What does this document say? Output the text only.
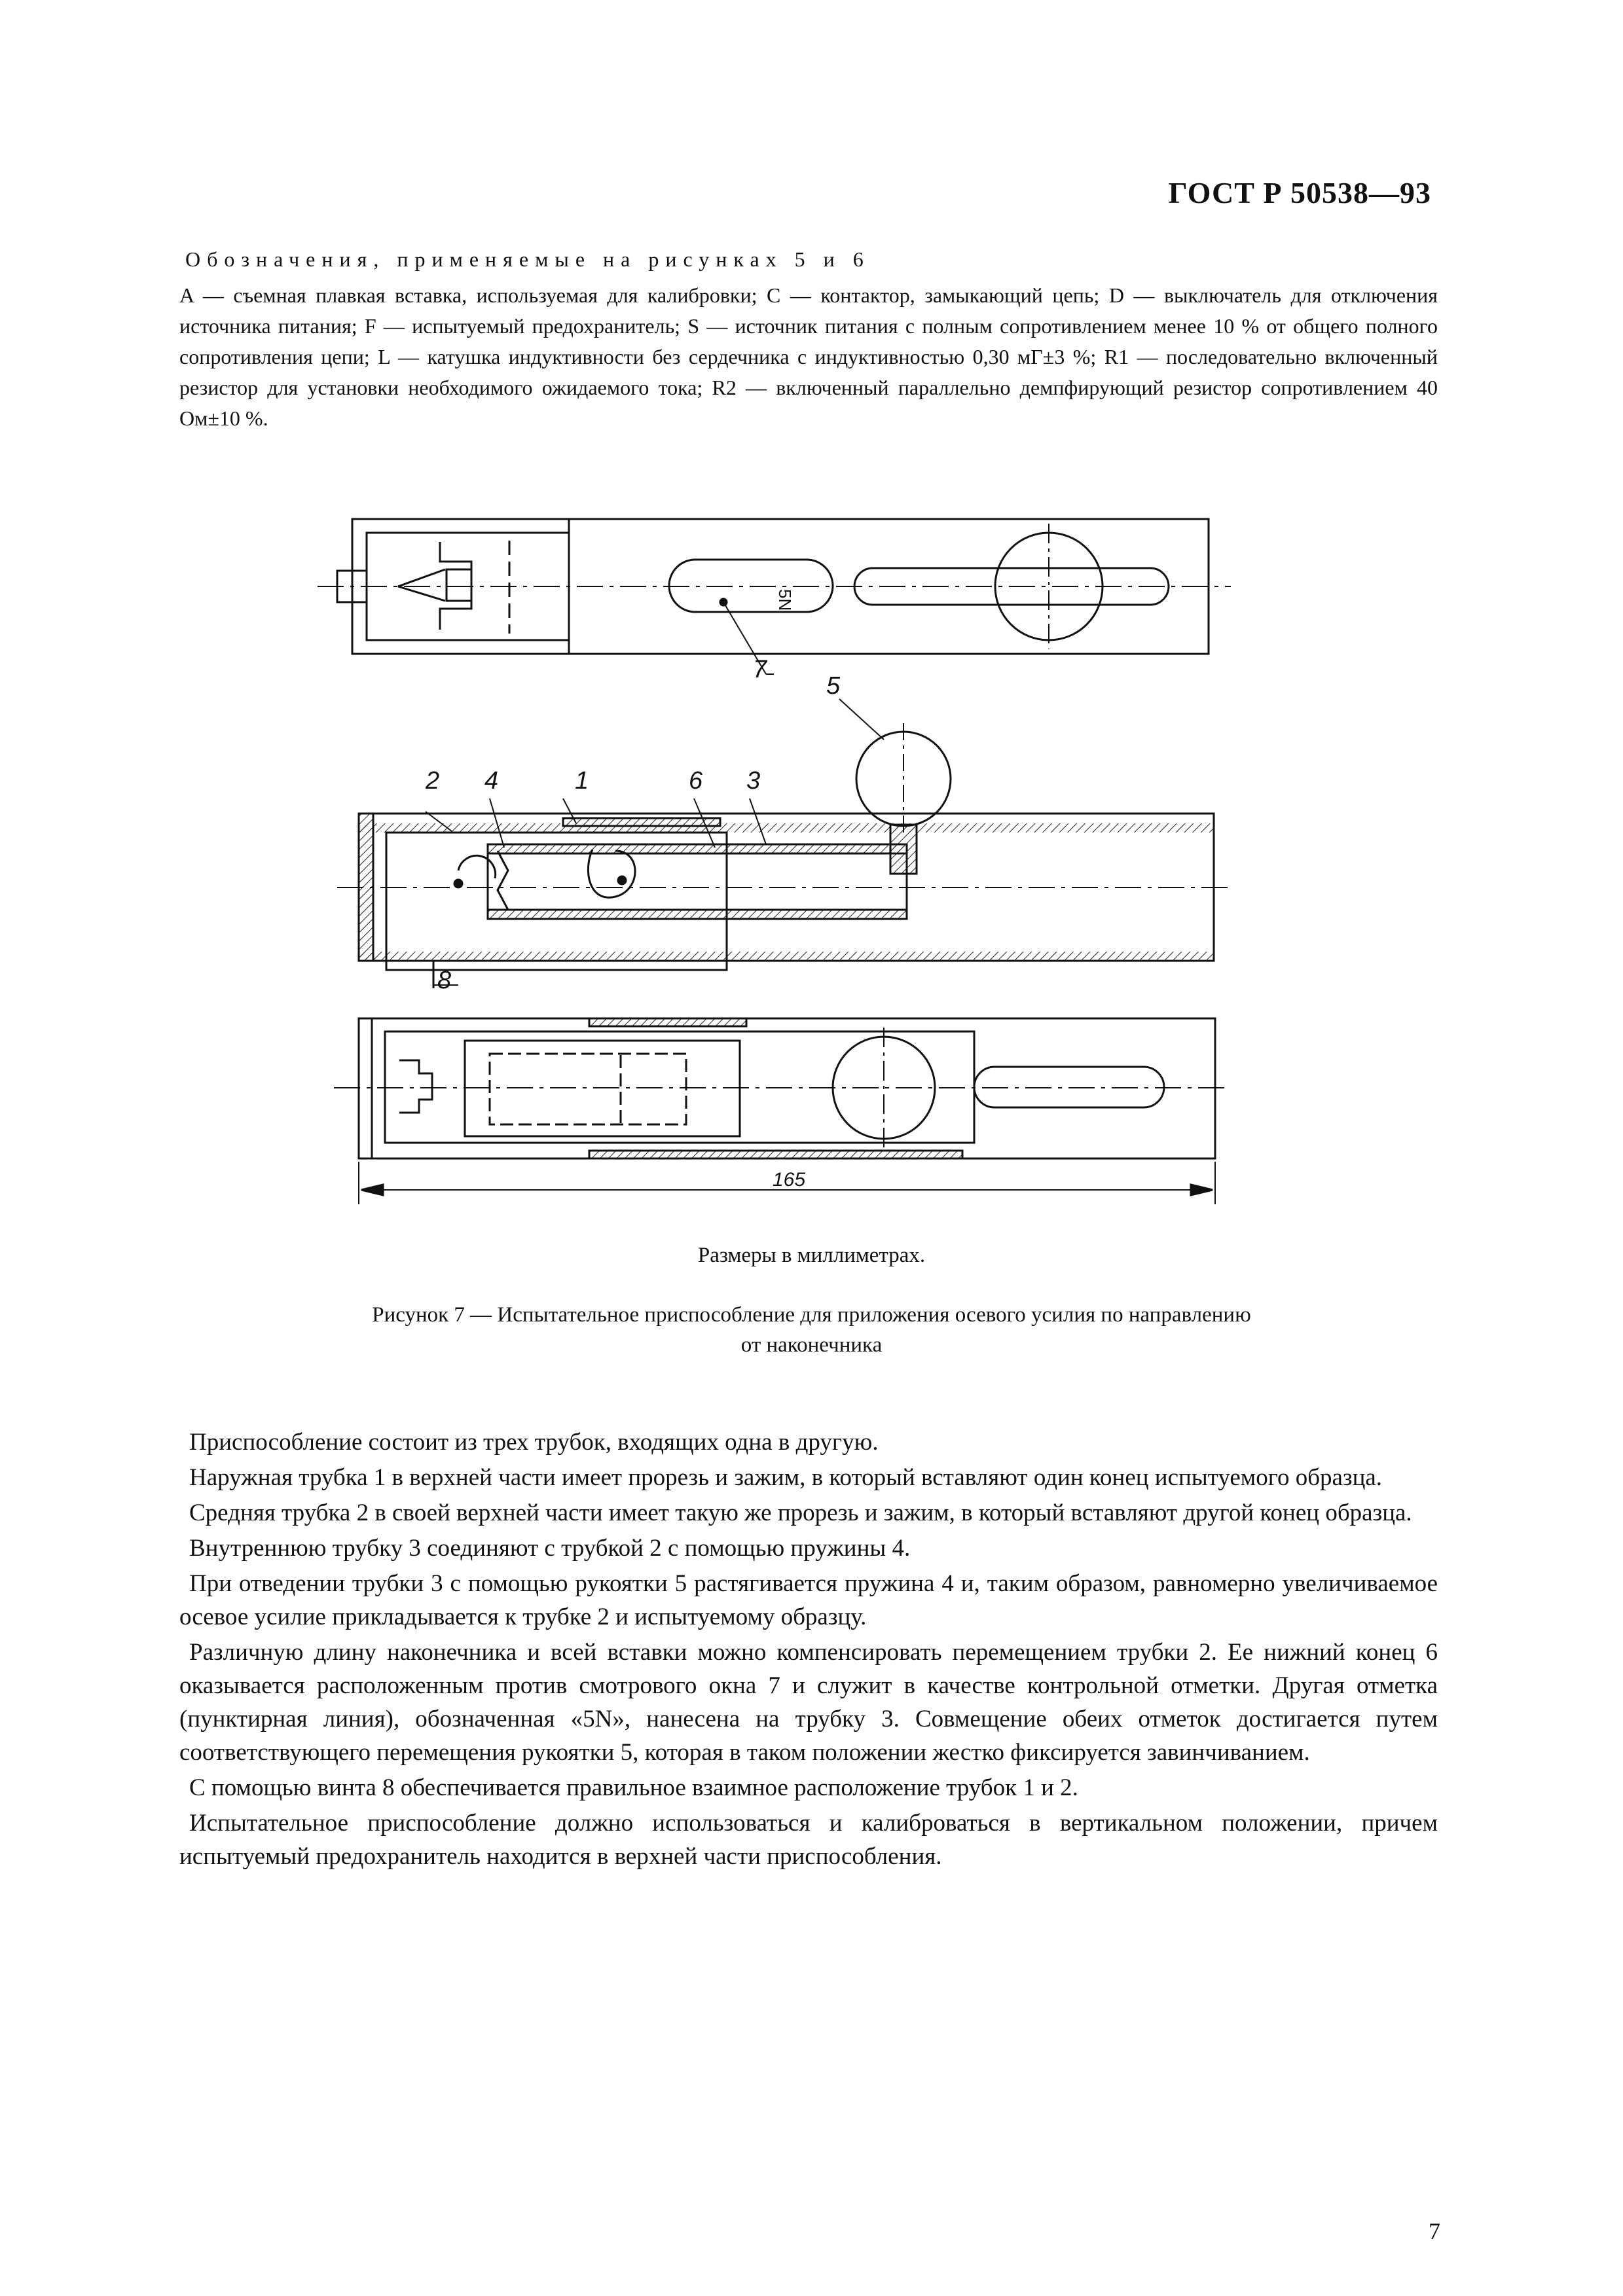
ГОСТ Р 50538—93
Обозначения, применяемые на рисунках 5 и 6

A — съемная плавкая вставка, используемая для калибровки; C — контактор, замыкающий цепь; D — выключатель для отключения источника питания; F — испытуемый предохранитель; S — источник питания с полным сопротивлением менее 10 % от общего полного сопротивления цепи; L — катушка индуктивности без сердечника с индуктивностью 0,30 мГ±3 %; R1 — последовательно включенный резистор для установки необходимого ожидаемого тока; R2 — включенный параллельно демпфирующий резистор сопротивлением 40 Ом±10 %.

2 4	1	6 3
5
7
8
165
5N
Размеры в миллиметрах.
Рисунок 7 — Испытательное приспособление для приложения осевого усилия по направлению
от наконечника

Приспособление состоит из трех трубок, входящих одна в другую.

Наружная трубка 1 в верхней части имеет прорезь и зажим, в который вставляют один конец испытуемого образца.

Средняя трубка 2 в своей верхней части имеет такую же прорезь и зажим, в который вставляют другой конец образца.

Внутреннюю трубку 3 соединяют с трубкой 2 с помощью пружины 4.

При отведении трубки 3 с помощью рукоятки 5 растягивается пружина 4 и, таким образом, равномерно увеличиваемое осевое усилие прикладывается к трубке 2 и испытуемому образцу.

Различную длину наконечника и всей вставки можно компенсировать перемещением трубки 2. Ее нижний конец 6 оказывается расположенным против смотрового окна 7 и служит в качестве контрольной отметки. Другая отметка (пунктирная линия), обозначенная «5N», нанесена на трубку 3. Совмещение обеих отметок достигается путем соответствующего перемещения рукоятки 5, которая в таком положении жестко фиксируется завинчиванием.

С помощью винта 8 обеспечивается правильное взаимное расположение трубок 1 и 2.

Испытательное приспособление должно использоваться и калиброваться в вертикальном положении, причем испытуемый предохранитель находится в верхней части приспособления.

7
